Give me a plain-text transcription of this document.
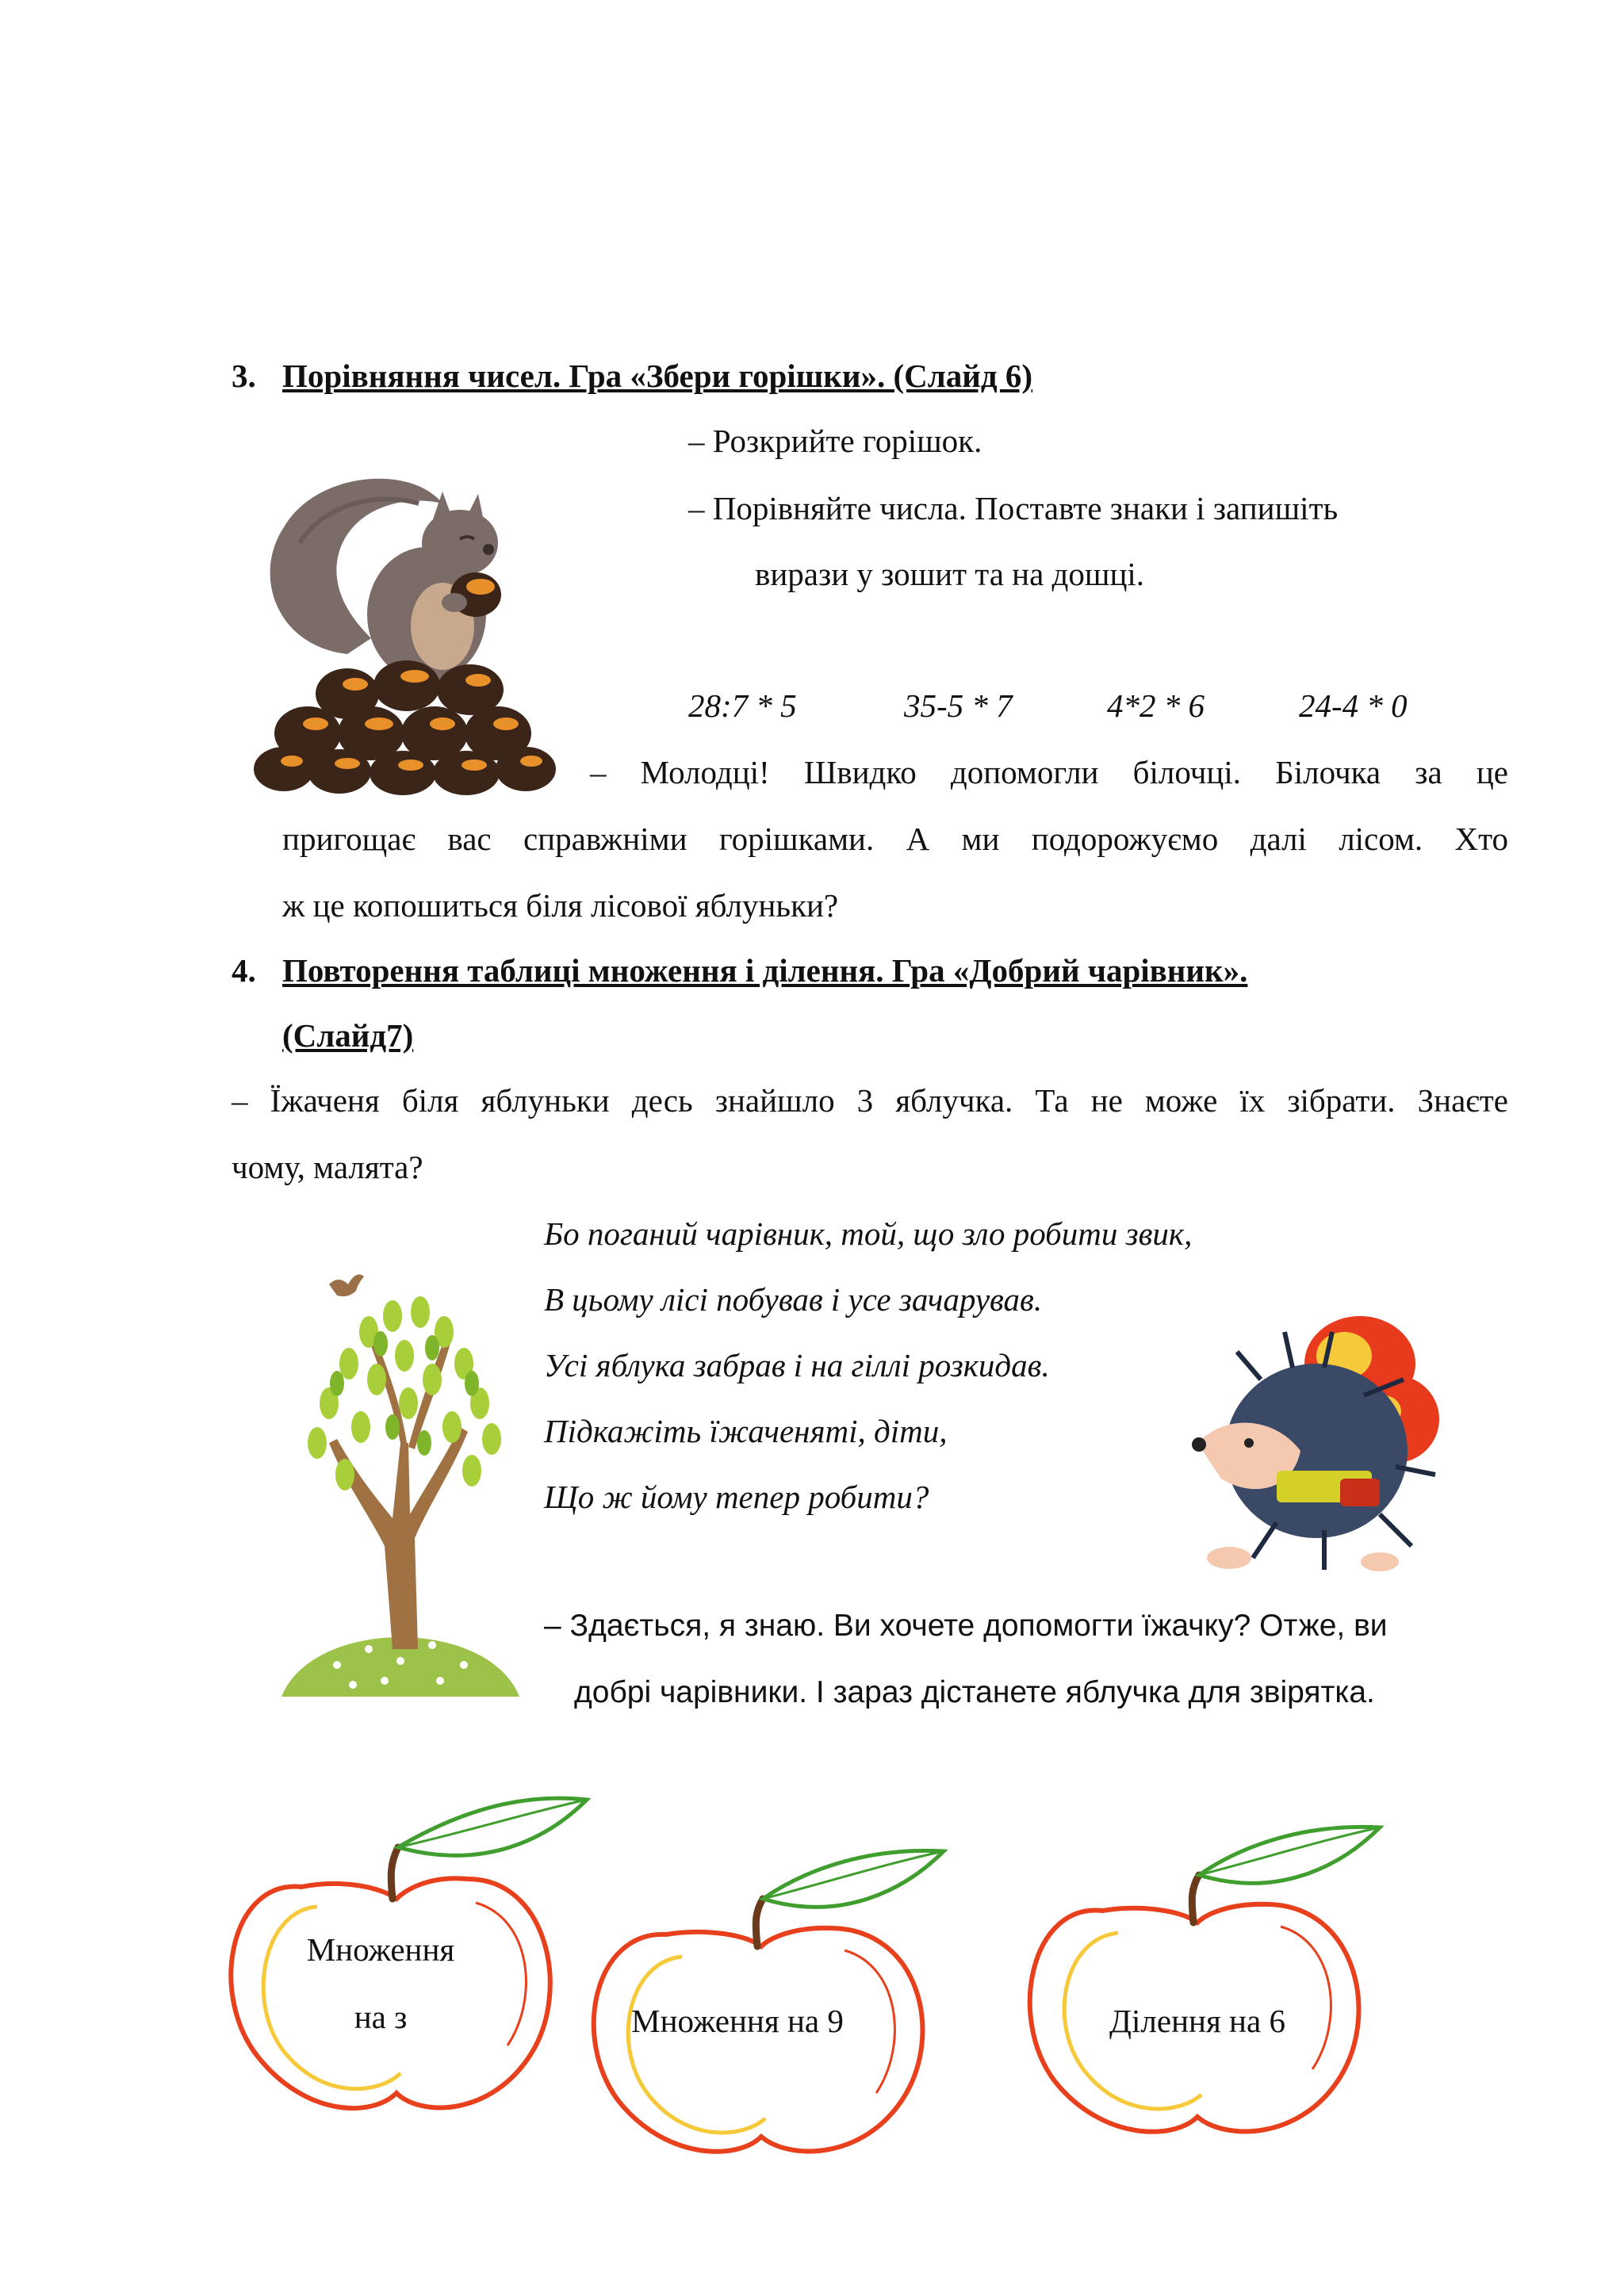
3. Порівняння чисел. Гра «Збери горішки». (Слайд 6)
– Розкрийте горішок.
– Порівняйте числа. Поставте знаки і запишіть
вирази у зошит та на дошці.
28:7 * 5	35-5 * 7	4*2 * 6	24-4 * 0
– Молодці! Швидко допомогли білочці. Білочка за це
пригощає вас справжніми горішками. А ми подорожуємо далі лісом. Хто
ж це копошиться біля лісової яблуньки?
4. Повторення таблиці множення і ділення. Гра «Добрий чарівник».
(Слайд7)
– Їжаченя біля яблуньки десь знайшло 3 яблучка. Та не може їх зібрати. Знаєте
чому, малята?
Бо поганий чарівник, той, що зло робити звик,
В цьому лісі побував і усе зачарував.
Усі яблука забрав і на гіллі розкидав.
Підкажіть їжаченяті, діти,
Що ж йому тепер робити?
– Здається, я знаю. Ви хочете допомогти їжачку? Отже, ви
добрі чарівники. І зараз дістанете яблучка для звірятка.
Множення
на з	Множення на 9	Ділення на 6
